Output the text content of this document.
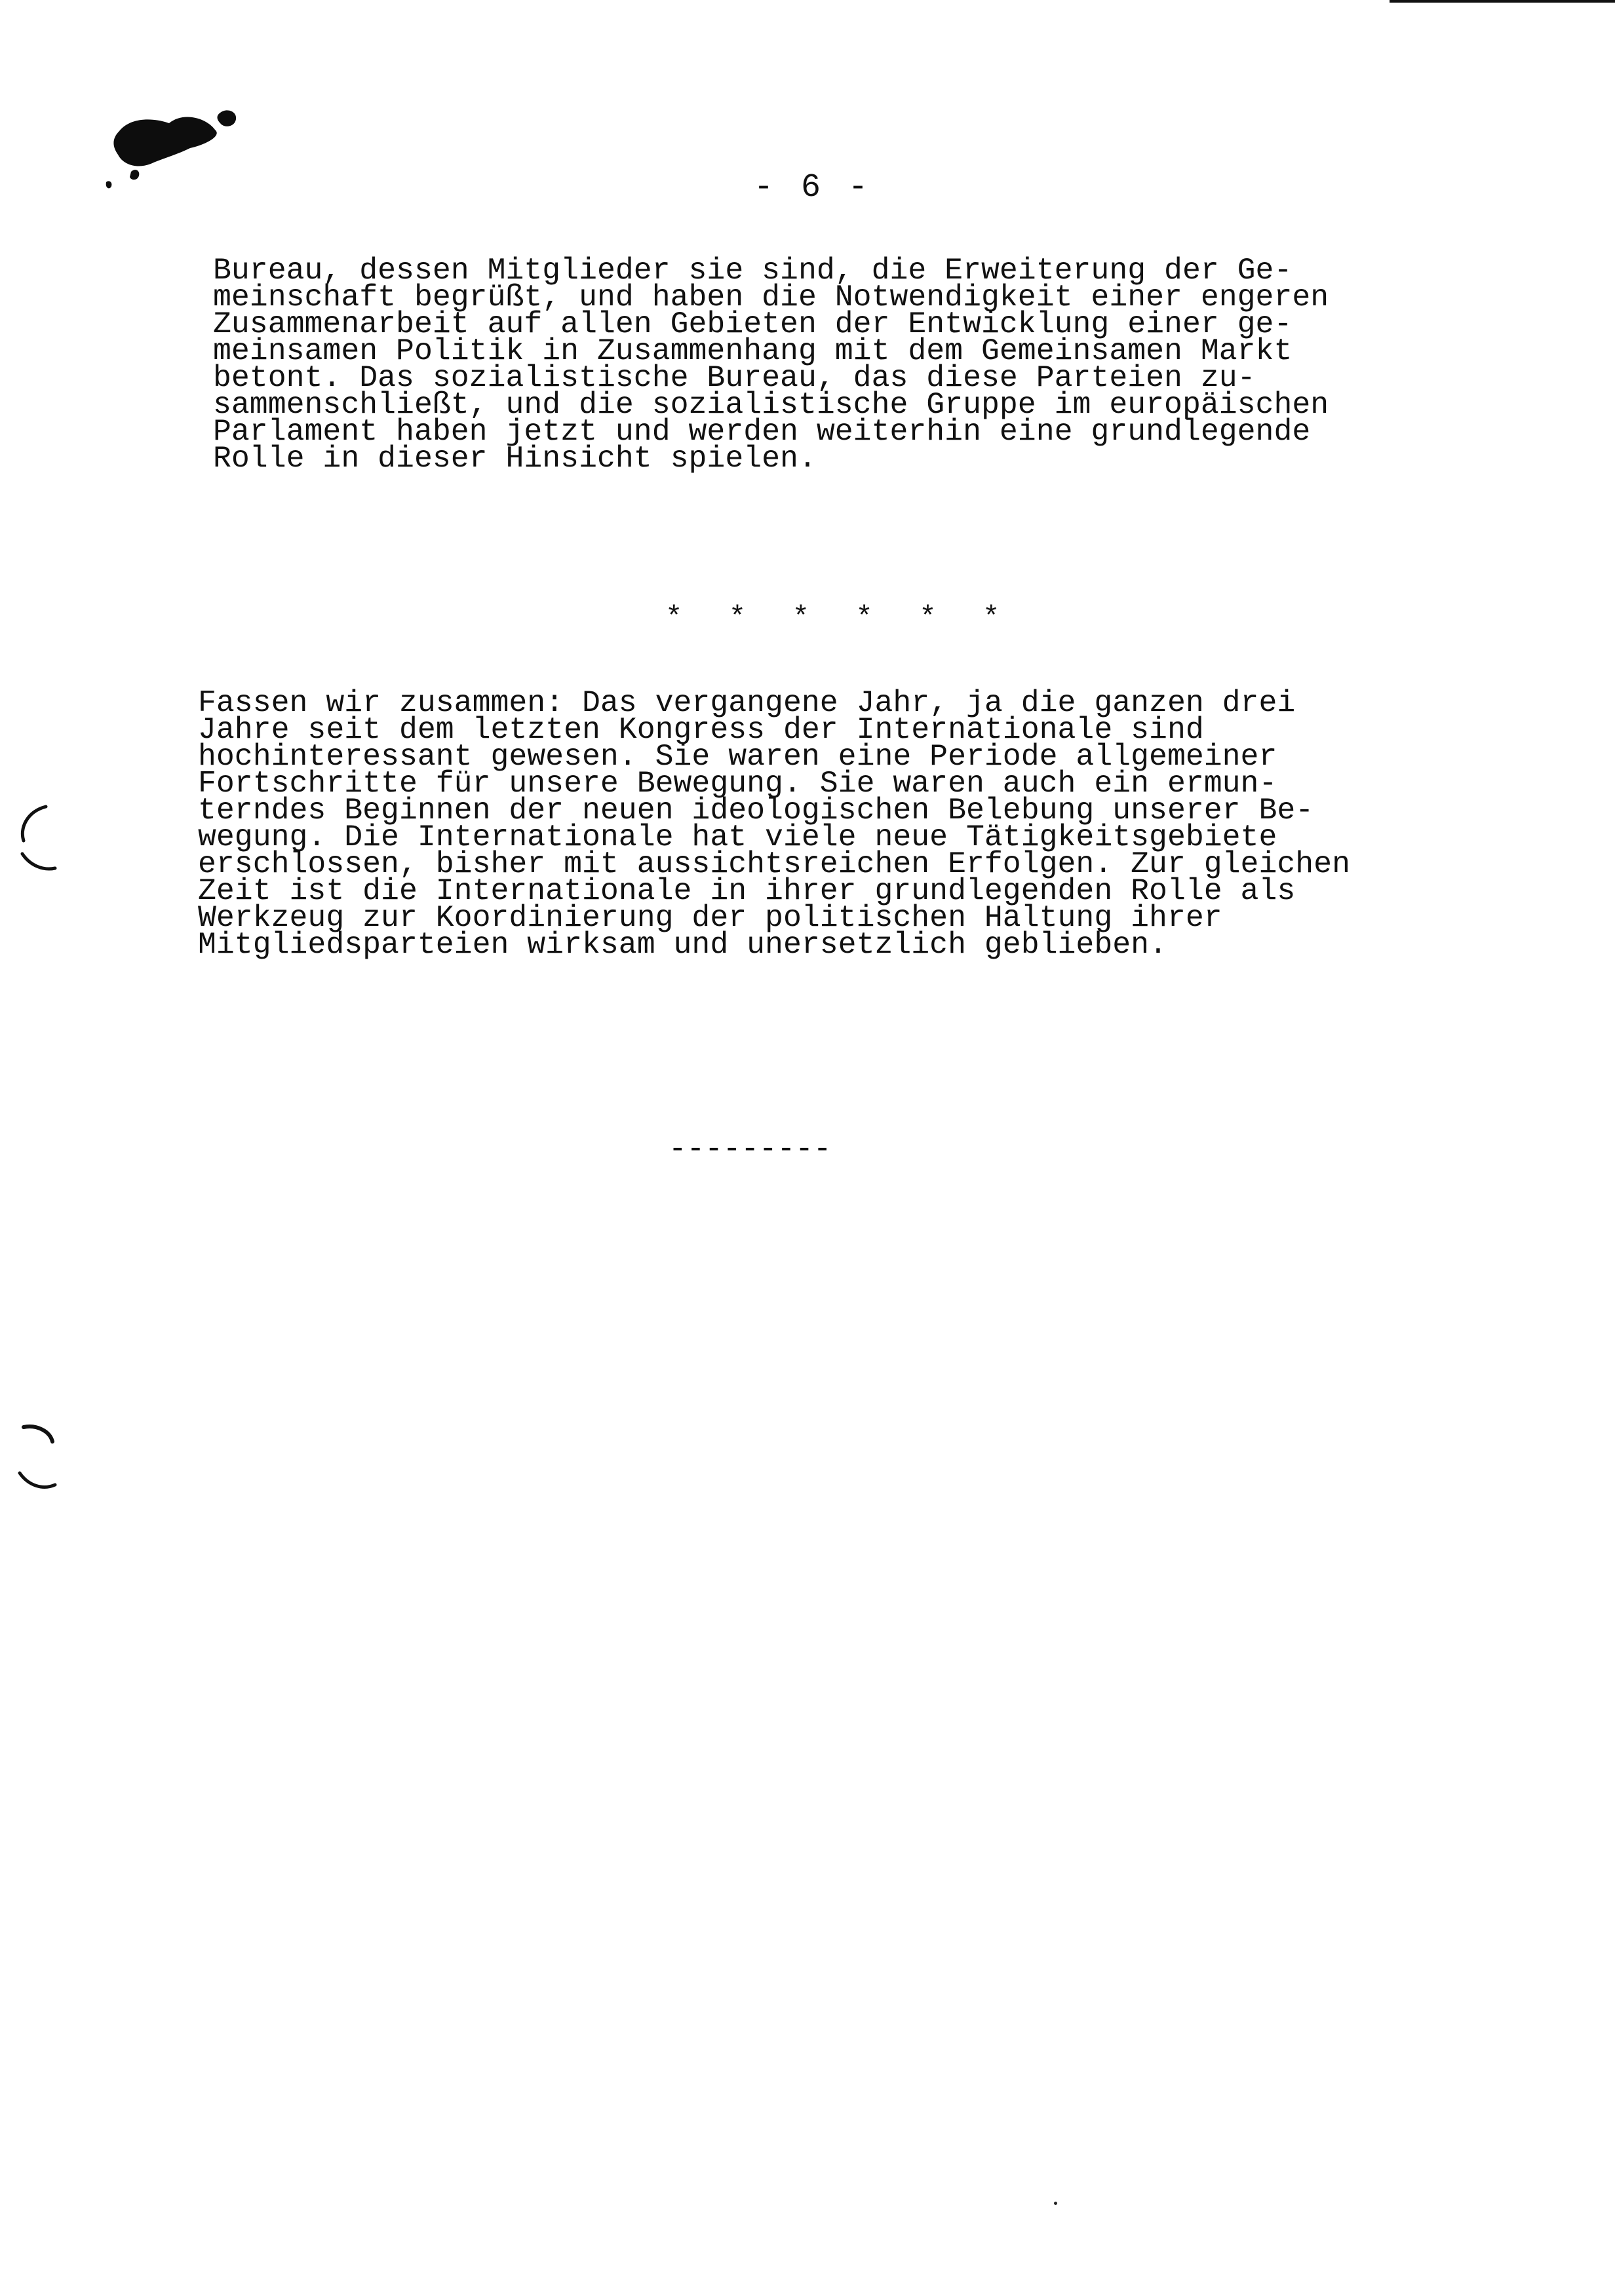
- 6 -
Bureau, dessen Mitglieder sie sind, die Erweiterung der Ge-
meinschaft begrüßt, und haben die Notwendigkeit einer engeren
Zusammenarbeit auf allen Gebieten der Entwicklung einer ge-
meinsamen Politik in Zusammenhang mit dem Gemeinsamen Markt
betont. Das sozialistische Bureau, das diese Parteien zu-
sammenschließt, und die sozialistische Gruppe im europäischen
Parlament haben jetzt und werden weiterhin eine grundlegende
Rolle in dieser Hinsicht spielen.
* * * * * *
Fassen wir zusammen: Das vergangene Jahr, ja die ganzen drei
Jahre seit dem letzten Kongress der Internationale sind
hochinteressant gewesen. Sie waren eine Periode allgemeiner
Fortschritte für unsere Bewegung. Sie waren auch ein ermun-
terndes Beginnen der neuen ideologischen Belebung unserer Be-
wegung. Die Internationale hat viele neue Tätigkeitsgebiete
erschlossen, bisher mit aussichtsreichen Erfolgen. Zur gleichen
Zeit ist die Internationale in ihrer grundlegenden Rolle als
Werkzeug zur Koordinierung der politischen Haltung ihrer
Mitgliedsparteien wirksam und unersetzlich geblieben.
---------
